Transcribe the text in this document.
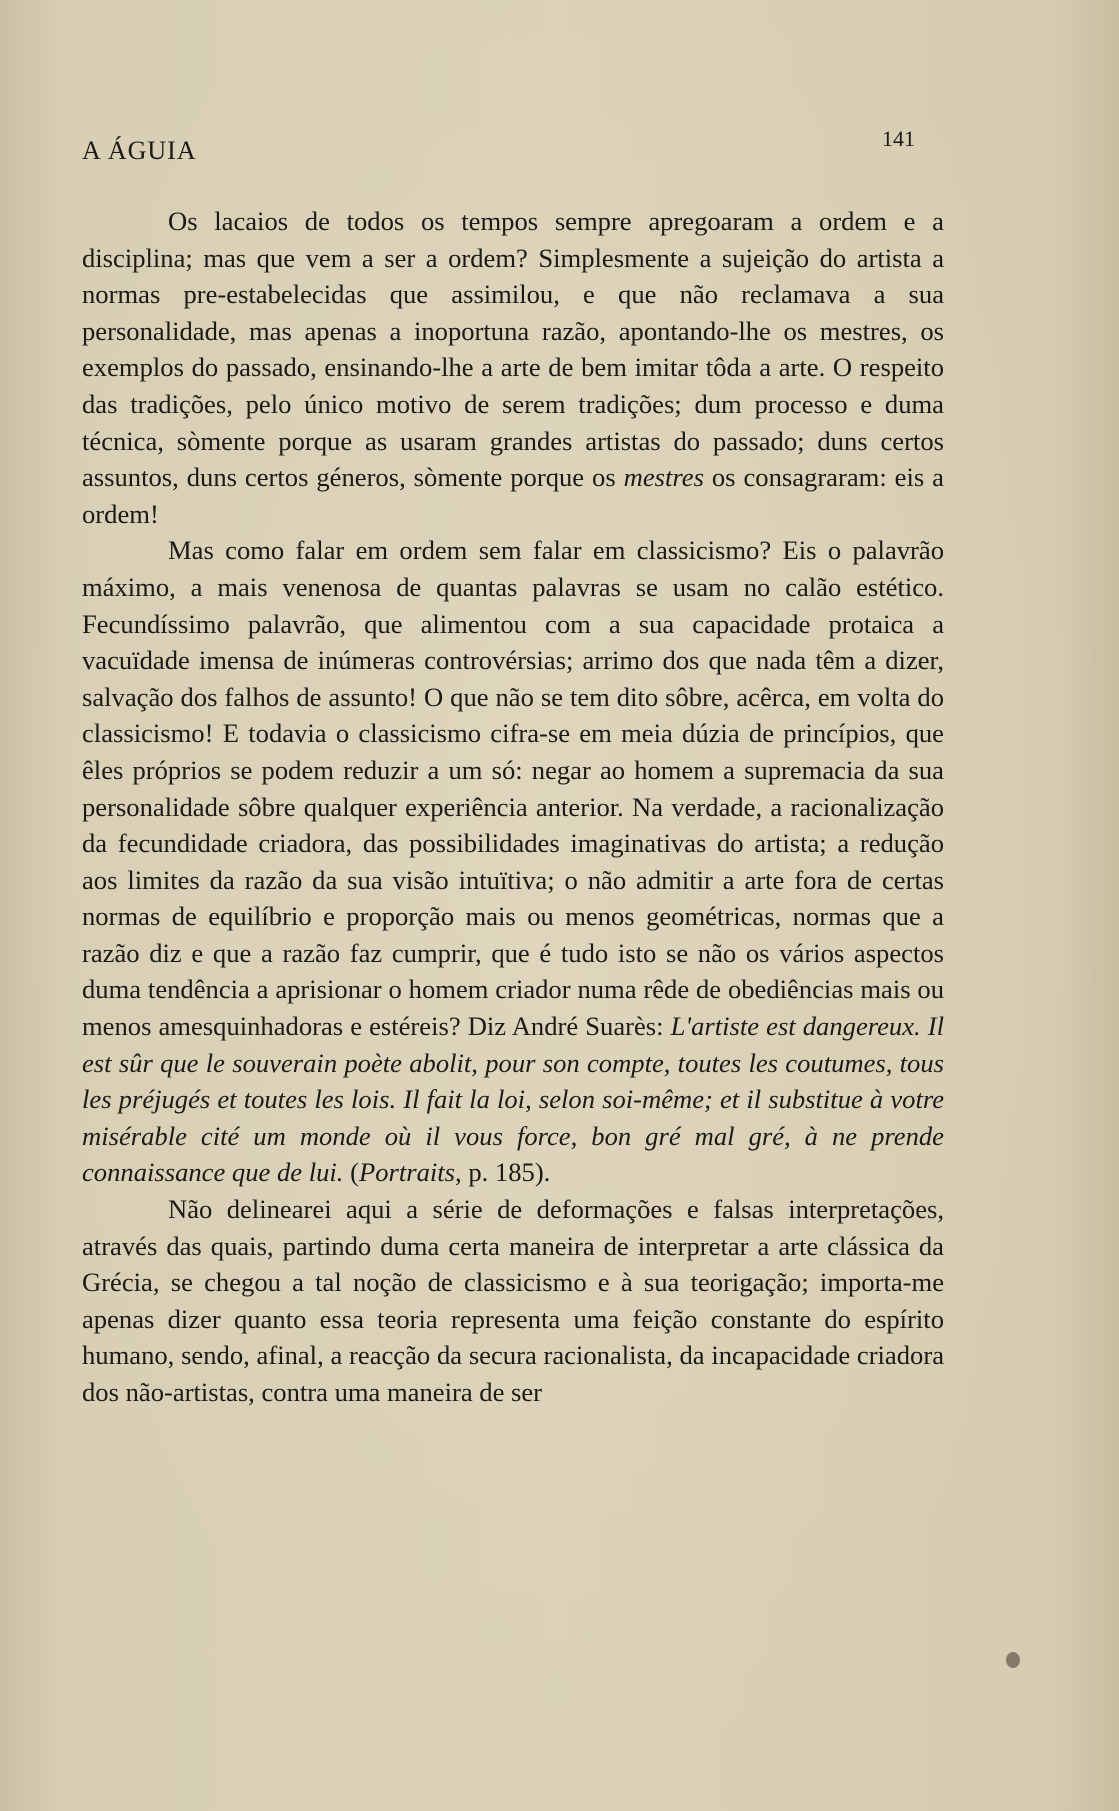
A ÁGUIA	141

Os lacaios de todos os tempos sempre apregoaram a ordem e a disciplina; mas que vem a ser a ordem? Simplesmente a sujeição do artista a normas pre-estabelecidas que assimilou, e que não reclamava a sua personalidade, mas apenas a inoportuna razão, apontando-lhe os mestres, os exemplos do passado, ensinando-lhe a arte de bem imitar tôda a arte. O respeito das tradições, pelo único motivo de serem tradições; dum processo e duma técnica, sòmente porque as usaram grandes artistas do passado; duns certos assuntos, duns certos géneros, sòmente porque os mestres os consagraram: eis a ordem!

Mas como falar em ordem sem falar em classicismo? Eis o palavrão máximo, a mais venenosa de quantas palavras se usam no calão estético. Fecundíssimo palavrão, que alimentou com a sua capacidade protaica a vacuïdade imensa de inúmeras controvérsias; arrimo dos que nada têm a dizer, salvação dos falhos de assunto! O que não se tem dito sôbre, acêrca, em volta do classicismo! E todavia o classicismo cifra-se em meia dúzia de princípios, que êles próprios se podem reduzir a um só: negar ao homem a supremacia da sua personalidade sôbre qualquer experiência anterior. Na verdade, a racionalização da fecundidade criadora, das possibilidades imaginativas do artista; a redução aos limites da razão da sua visão intuïtiva; o não admitir a arte fora de certas normas de equilíbrio e proporção mais ou menos geométricas, normas que a razão diz e que a razão faz cumprir, que é tudo isto se não os vários aspectos duma tendência a aprisionar o homem criador numa rêde de obediências mais ou menos amesquinhadoras e estéreis? Diz André Suarès: L'artiste est dangereux. Il est sûr que le souverain poète abolit, pour son compte, toutes les coutumes, tous les préjugés et toutes les lois. Il fait la loi, selon soi-même; et il substitue à votre misérable cité um monde où il vous force, bon gré mal gré, à ne prende connaissance que de lui. (Portraits, p. 185).

Não delinearei aqui a série de deformações e falsas interpretações, através das quais, partindo duma certa maneira de interpretar a arte clássica da Grécia, se chegou a tal noção de classicismo e à sua teorigação; importa-me apenas dizer quanto essa teoria representa uma feição constante do espírito humano, sendo, afinal, a reacção da secura racionalista, da incapacidade criadora dos não-artistas, contra uma maneira de ser
